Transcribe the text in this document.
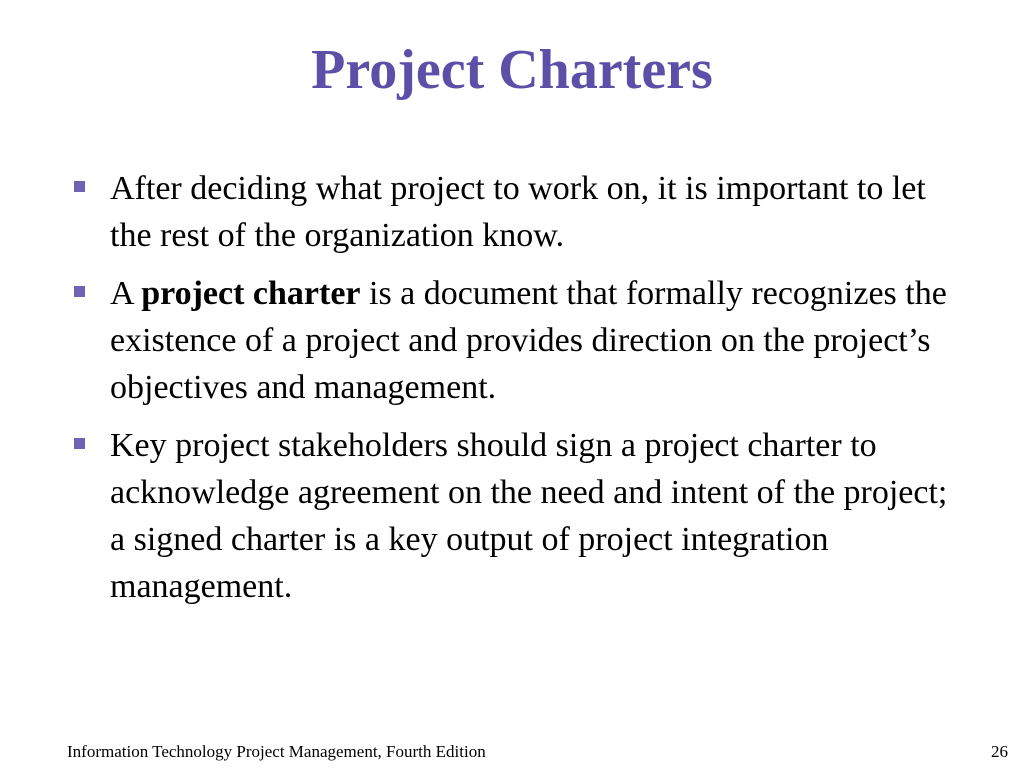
Project Charters
After deciding what project to work on, it is important to let the rest of the organization know.
A project charter is a document that formally recognizes the existence of a project and provides direction on the project’s objectives and management.
Key project stakeholders should sign a project charter to acknowledge agreement on the need and intent of the project; a signed charter is a key output of project integration management.
Information Technology Project Management, Fourth Edition	26
